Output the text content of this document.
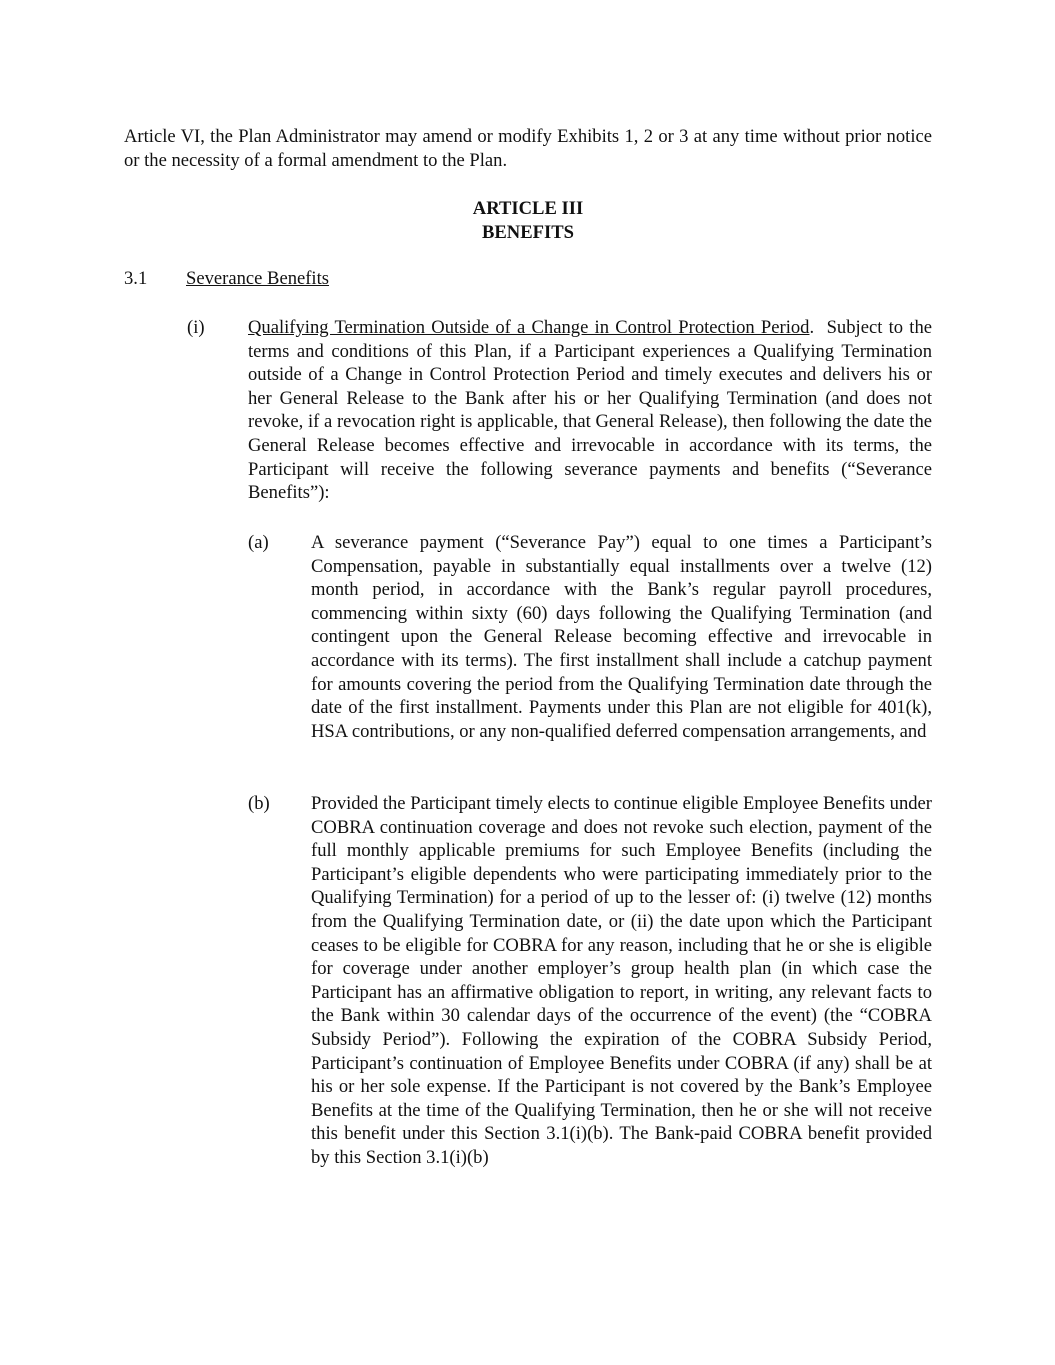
Article VI, the Plan Administrator may amend or modify Exhibits 1, 2 or 3 at any time without prior notice or the necessity of a formal amendment to the Plan.

ARTICLE III

BENEFITS

3.1 Severance Benefits

(i) Qualifying Termination Outside of a Change in Control Protection Period. Subject to the terms and conditions of this Plan, if a Participant experiences a Qualifying Termination outside of a Change in Control Protection Period and timely executes and delivers his or her General Release to the Bank after his or her Qualifying Termination (and does not revoke, if a revocation right is applicable, that General Release), then following the date the General Release becomes effective and irrevocable in accordance with its terms, the Participant will receive the following severance payments and benefits (“Severance Benefits”):

(a) A severance payment (“Severance Pay”) equal to one times a Participant’s Compensation, payable in substantially equal installments over a twelve (12) month period, in accordance with the Bank’s regular payroll procedures, commencing within sixty (60) days following the Qualifying Termination (and contingent upon the General Release becoming effective and irrevocable in accordance with its terms). The first installment shall include a catchup payment for amounts covering the period from the Qualifying Termination date through the date of the first installment. Payments under this Plan are not eligible for 401(k), HSA contributions, or any non-qualified deferred compensation arrangements, and

(b) Provided the Participant timely elects to continue eligible Employee Benefits under COBRA continuation coverage and does not revoke such election, payment of the full monthly applicable premiums for such Employee Benefits (including the Participant’s eligible dependents who were participating immediately prior to the Qualifying Termination) for a period of up to the lesser of: (i) twelve (12) months from the Qualifying Termination date, or (ii) the date upon which the Participant ceases to be eligible for COBRA for any reason, including that he or she is eligible for coverage under another employer’s group health plan (in which case the Participant has an affirmative obligation to report, in writing, any relevant facts to the Bank within 30 calendar days of the occurrence of the event) (the “COBRA Subsidy Period”). Following the expiration of the COBRA Subsidy Period, Participant’s continuation of Employee Benefits under COBRA (if any) shall be at his or her sole expense. If the Participant is not covered by the Bank’s Employee Benefits at the time of the Qualifying Termination, then he or she will not receive this benefit under this Section 3.1(i)(b). The Bank-paid COBRA benefit provided by this Section 3.1(i)(b)
